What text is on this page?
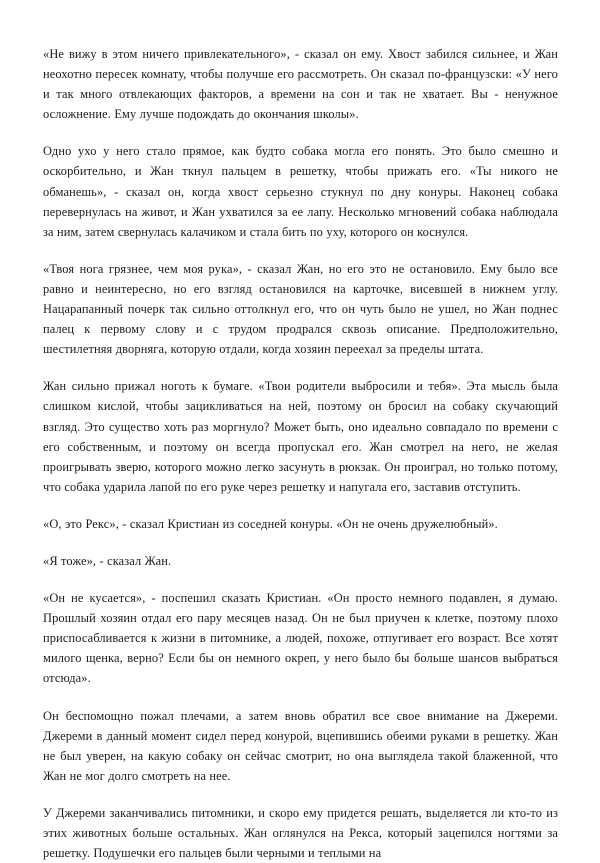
«Не вижу в этом ничего привлекательного», - сказал он ему. Хвост забился сильнее, и Жан неохотно пересек комнату, чтобы получше его рассмотреть. Он сказал по-французски: «У него и так много отвлекающих факторов, а времени на сон и так не хватает. Вы - ненужное осложнение. Ему лучше подождать до окончания школы».

Одно ухо у него стало прямое, как будто собака могла его понять. Это было смешно и оскорбительно, и Жан ткнул пальцем в решетку, чтобы прижать его. «Ты никого не обманешь», - сказал он, когда хвост серьезно стукнул по дну конуры. Наконец собака перевернулась на живот, и Жан ухватился за ее лапу. Несколько мгновений собака наблюдала за ним, затем свернулась калачиком и стала бить по уху, которого он коснулся.

«Твоя нога грязнее, чем моя рука», - сказал Жан, но его это не остановило. Ему было все равно и неинтересно, но его взгляд остановился на карточке, висевшей в нижнем углу. Нацарапанный почерк так сильно оттолкнул его, что он чуть было не ушел, но Жан поднес палец к первому слову и с трудом продрался сквозь описание. Предположительно, шестилетняя дворняга, которую отдали, когда хозяин переехал за пределы штата.

Жан сильно прижал ноготь к бумаге. «Твои родители выбросили и тебя». Эта мысль была слишком кислой, чтобы зацикливаться на ней, поэтому он бросил на собаку скучающий взгляд. Это существо хоть раз моргнуло? Может быть, оно идеально совпадало по времени с его собственным, и поэтому он всегда пропускал его. Жан смотрел на него, не желая проигрывать зверю, которого можно легко засунуть в рюкзак. Он проиграл, но только потому, что собака ударила лапой по его руке через решетку и напугала его, заставив отступить.

«О, это Рекс», - сказал Кристиан из соседней конуры. «Он не очень дружелюбный».

«Я тоже», - сказал Жан.

«Он не кусается», - поспешил сказать Кристиан. «Он просто немного подавлен, я думаю. Прошлый хозяин отдал его пару месяцев назад. Он не был приучен к клетке, поэтому плохо приспосабливается к жизни в питомнике, а людей, похоже, отпугивает его возраст. Все хотят милого щенка, верно? Если бы он немного окреп, у него было бы больше шансов выбраться отсюда».

Он беспомощно пожал плечами, а затем вновь обратил все свое внимание на Джереми. Джереми в данный момент сидел перед конурой, вцепившись обеими руками в решетку. Жан не был уверен, на какую собаку он сейчас смотрит, но она выглядела такой блаженной, что Жан не мог долго смотреть на нее.

У Джереми заканчивались питомники, и скоро ему придется решать, выделяется ли кто-то из этих животных больше остальных. Жан оглянулся на Рекса, который зацепился ногтями за решетку. Подушечки его пальцев были черными и теплыми на
